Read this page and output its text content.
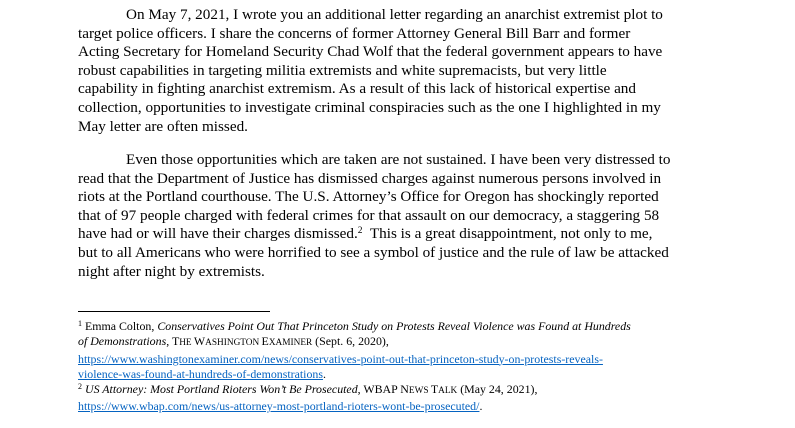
On May 7, 2021, I wrote you an additional letter regarding an anarchist extremist plot to
target police officers. I share the concerns of former Attorney General Bill Barr and former
Acting Secretary for Homeland Security Chad Wolf that the federal government appears to have
robust capabilities in targeting militia extremists and white supremacists, but very little
capability in fighting anarchist extremism. As a result of this lack of historical expertise and
collection, opportunities to investigate criminal conspiracies such as the one I highlighted in my
May letter are often missed.
Even those opportunities which are taken are not sustained. I have been very distressed to
read that the Department of Justice has dismissed charges against numerous persons involved in
riots at the Portland courthouse. The U.S. Attorney’s Office for Oregon has shockingly reported
that of 97 people charged with federal crimes for that assault on our democracy, a staggering 58
have had or will have their charges dismissed.$^2$ This is a great disappointment, not only to me,
but to all Americans who were horrified to see a symbol of justice and the rule of law be attacked
night after night by extremists.
$^1$ Emma Colton, Conservatives Point Out That Princeton Study on Protests Reveal Violence was Found at Hundreds
of Demonstrations, THE WASHINGTON EXAMINER (Sept. 6, 2020),
https://www.washingtonexaminer.com/news/conservatives-point-out-that-princeton-study-on-protests-reveals-
violence-was-found-at-hundreds-of-demonstrations.
$^2$ US Attorney: Most Portland Rioters Won’t Be Prosecuted, WBAP NEWS TALK (May 24, 2021),
https://www.wbap.com/news/us-attorney-most-portland-rioters-wont-be-prosecuted/.
